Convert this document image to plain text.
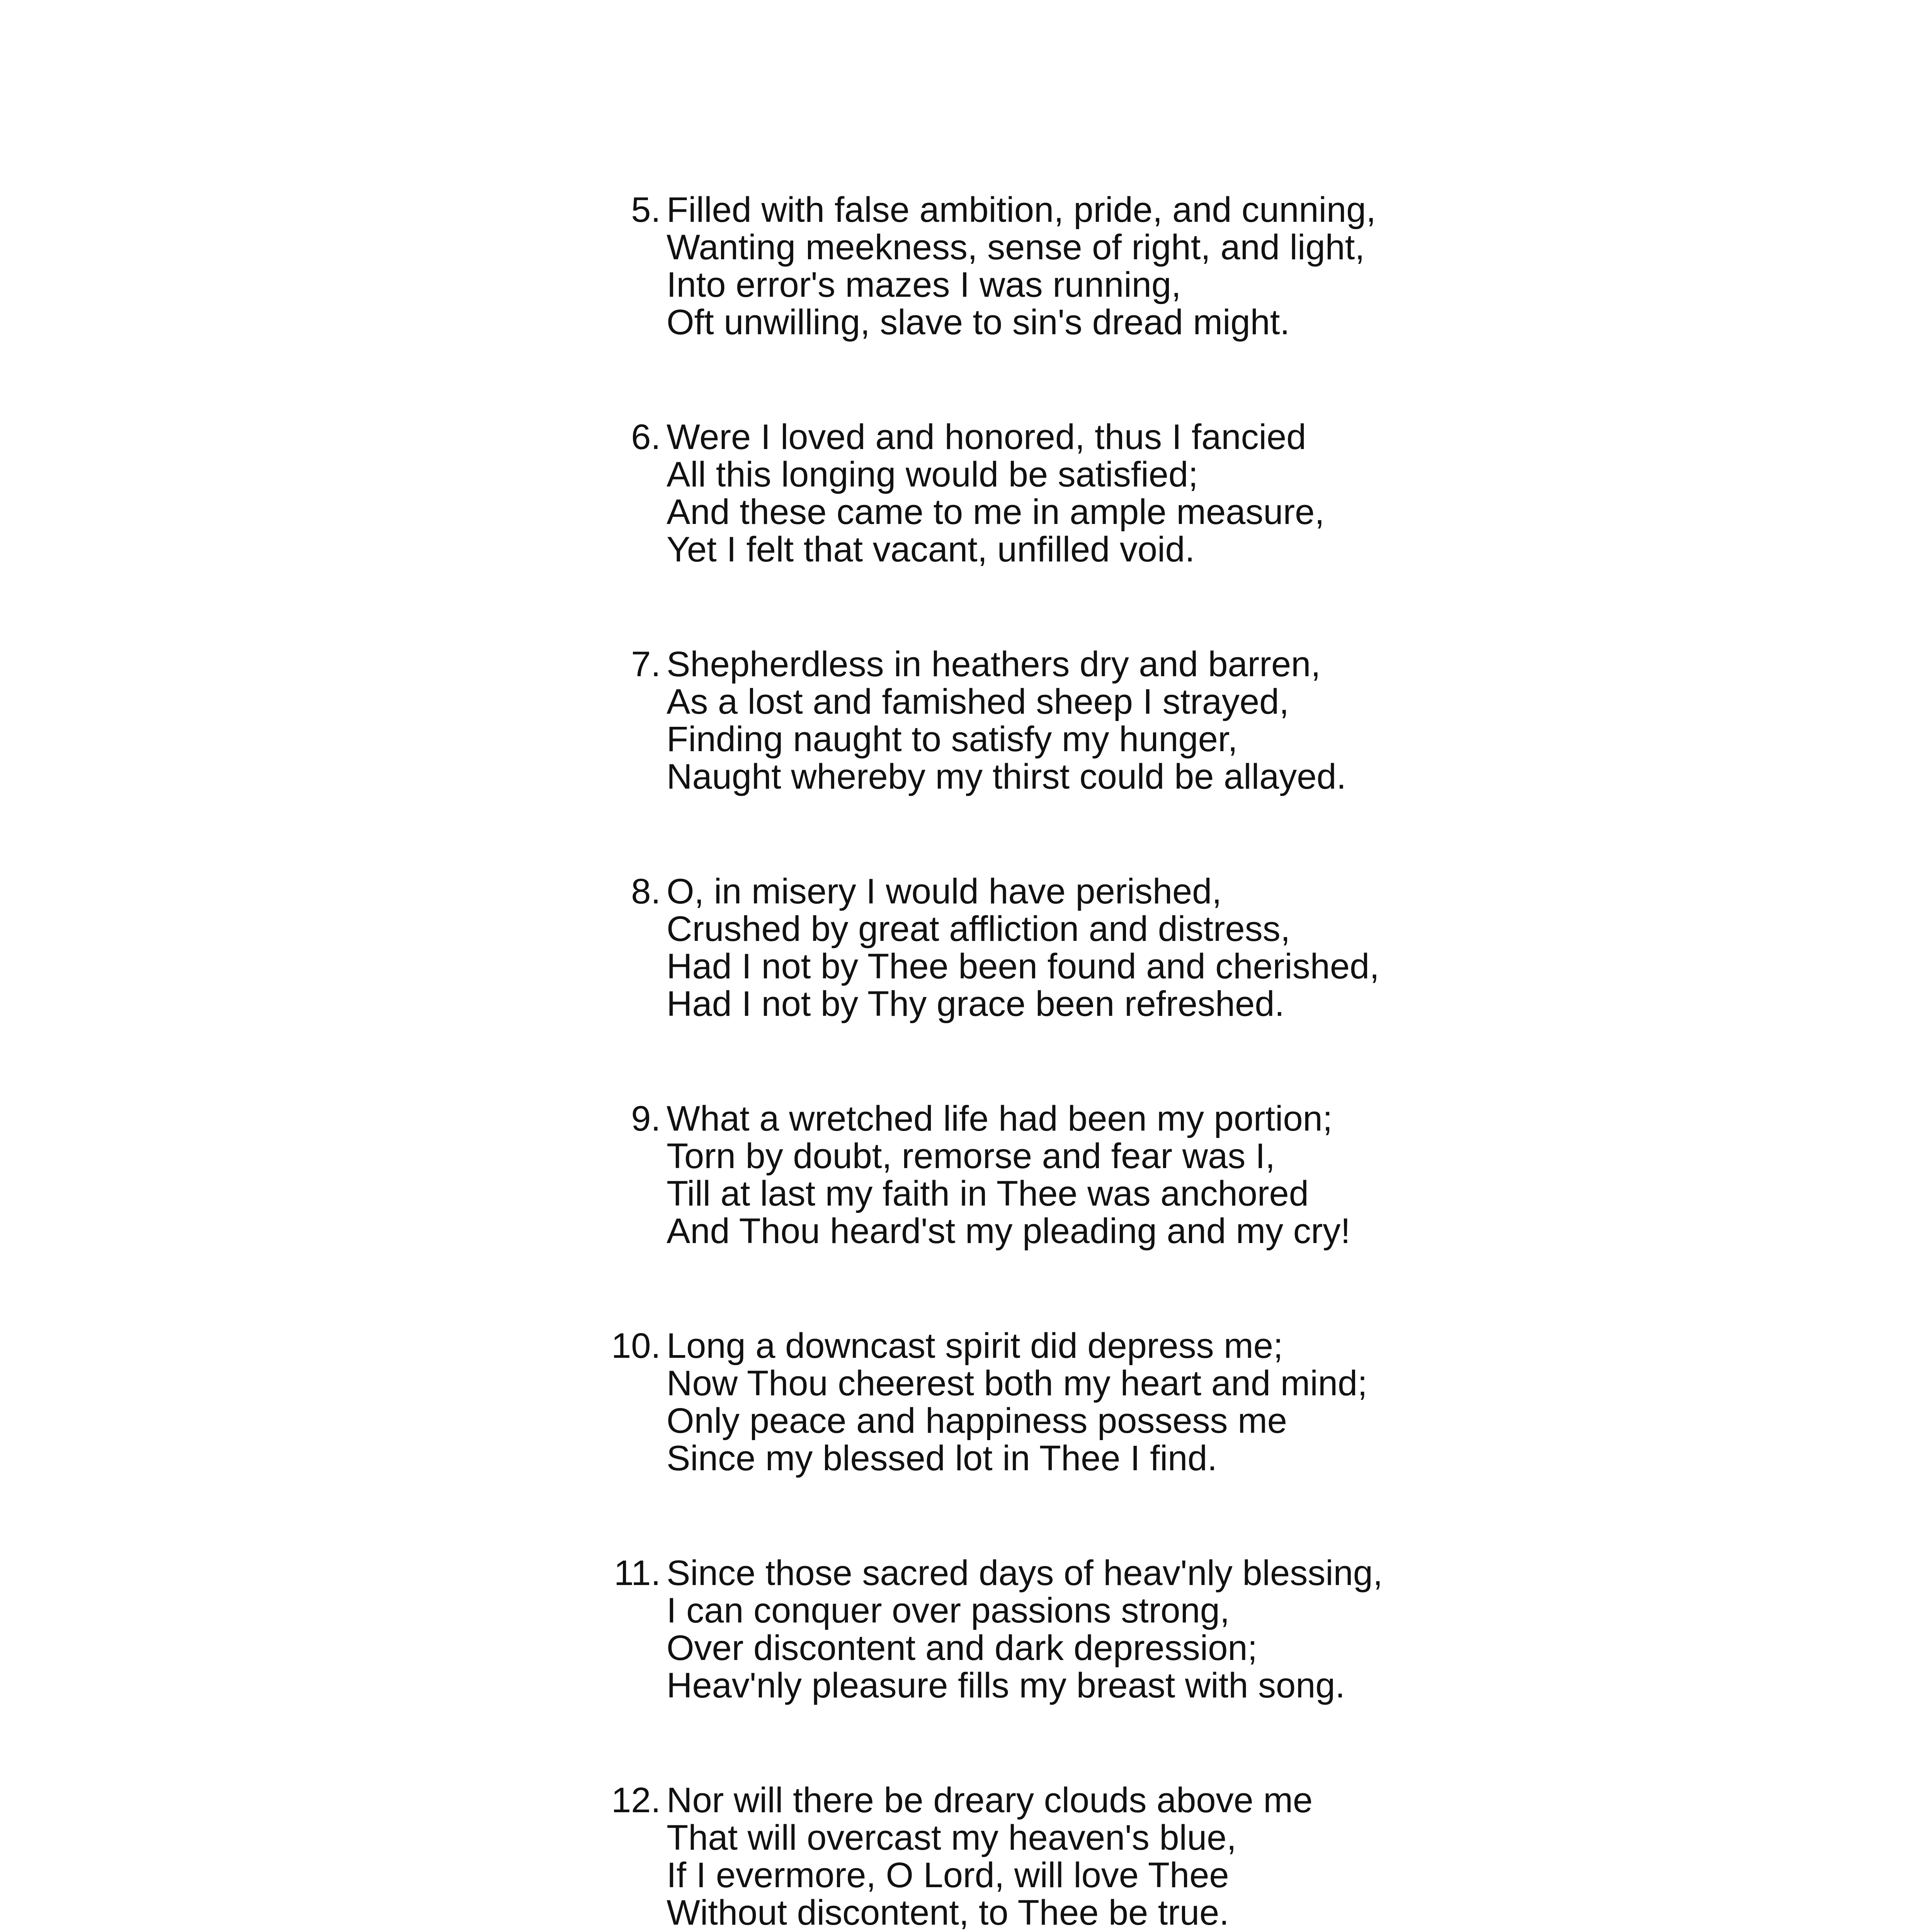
5. Filled with false ambition, pride, and cunning,
Wanting meekness, sense of right, and light,
Into error's mazes I was running,
Oft unwilling, slave to sin's dread might.
6. Were I loved and honored, thus I fancied
All this longing would be satisfied;
And these came to me in ample measure,
Yet I felt that vacant, unfilled void.
7. Shepherdless in heathers dry and barren,
As a lost and famished sheep I strayed,
Finding naught to satisfy my hunger,
Naught whereby my thirst could be allayed.
8. O, in misery I would have perished,
Crushed by great affliction and distress,
Had I not by Thee been found and cherished,
Had I not by Thy grace been refreshed.
9. What a wretched life had been my portion;
Torn by doubt, remorse and fear was I,
Till at last my faith in Thee was anchored
And Thou heard'st my pleading and my cry!
10. Long a downcast spirit did depress me;
Now Thou cheerest both my heart and mind;
Only peace and happiness possess me
Since my blessed lot in Thee I find.
11. Since those sacred days of heav'nly blessing,
I can conquer over passions strong,
Over discontent and dark depression;
Heav'nly pleasure fills my breast with song.
12. Nor will there be dreary clouds above me
That will overcast my heaven's blue,
If I evermore, O Lord, will love Thee
Without discontent, to Thee be true.
